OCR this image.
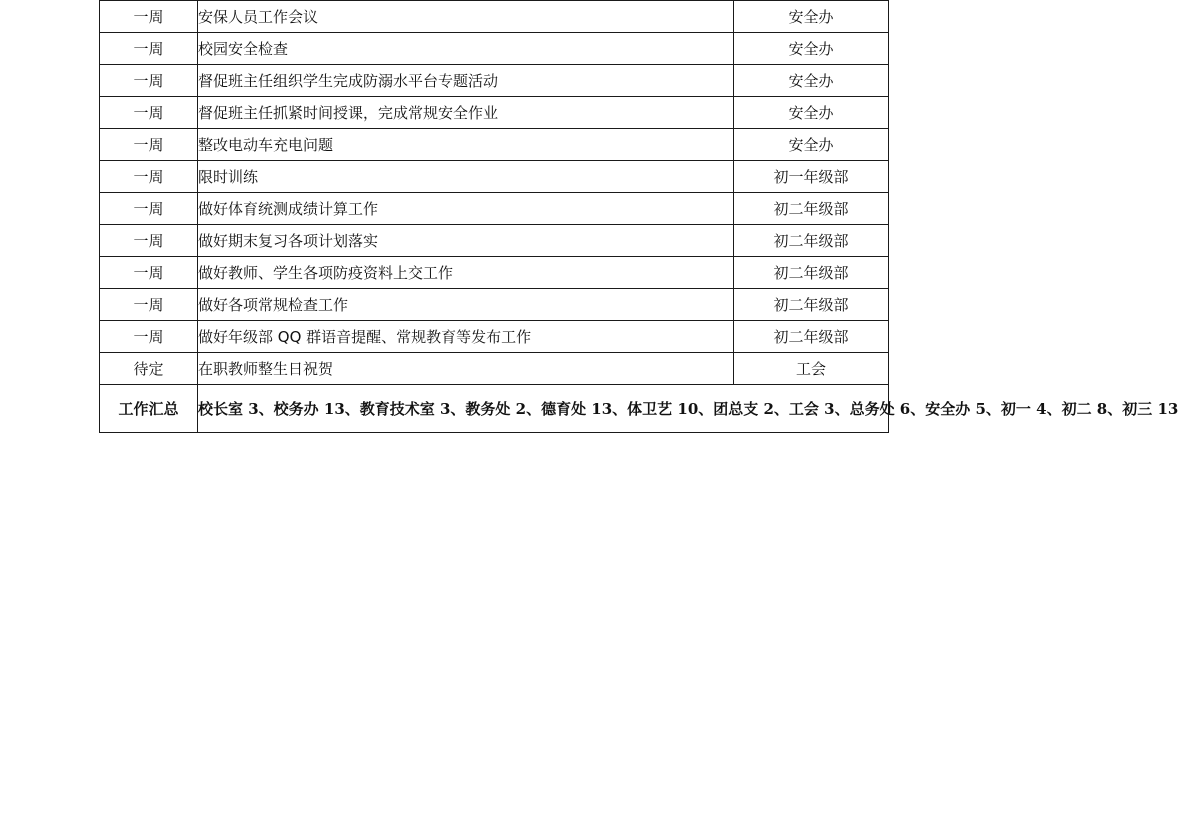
一周	安保人员工作会议	安全办
一周	校园安全检查	安全办
一周	督促班主任组织学生完成防溺水平台专题活动	安全办
一周	督促班主任抓紧时间授课，完成常规安全作业	安全办
一周	整改电动车充电问题	安全办
一周	限时训练	初一年级部
一周	做好体育统测成绩计算工作	初二年级部
一周	做好期末复习各项计划落实	初二年级部
一周	做好教师、学生各项防疫资料上交工作	初二年级部
一周	做好各项常规检查工作	初二年级部
一周	做好年级部 QQ 群语音提醒、常规教育等发布工作	初二年级部
待定	在职教师整生日祝贺	工会
工作汇总	校长室 3、校务办 13、教育技术室 3、教务处 2、德育处 13、体卫艺 10、团总支 2、工会 3、总务处 6、安全办 5、初一 4、初二 8、初三 13	
